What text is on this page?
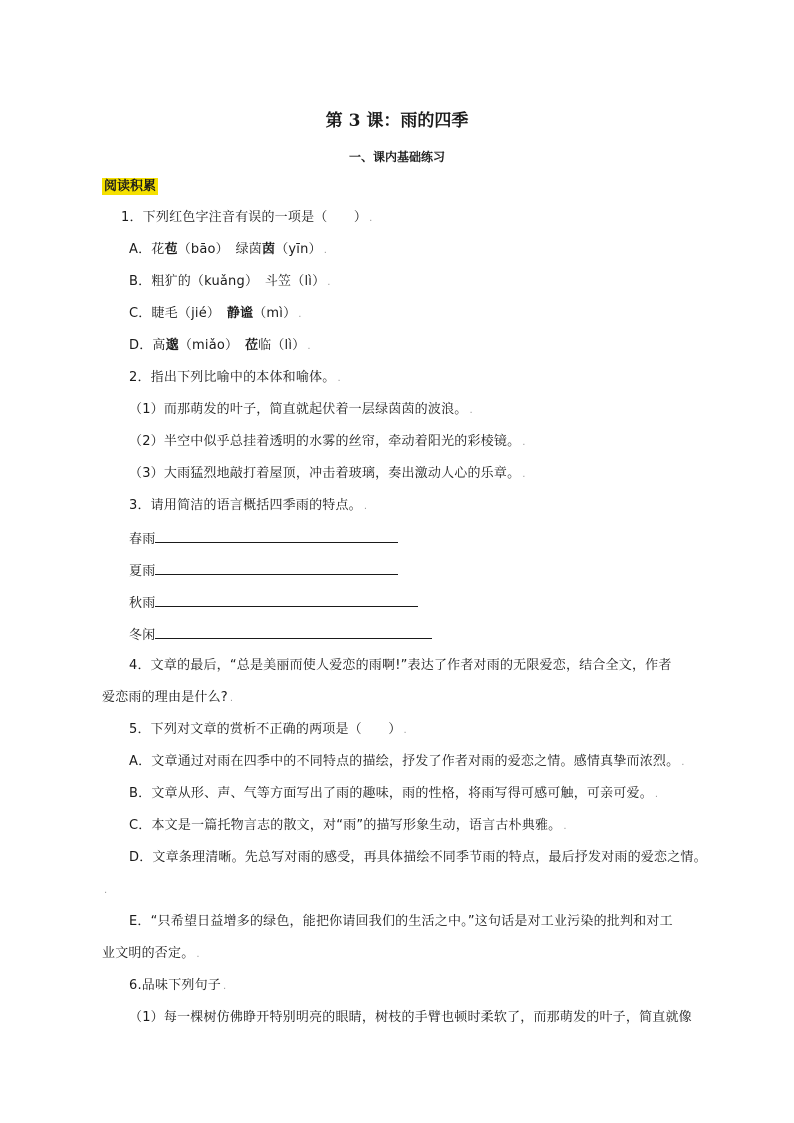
第 3 课：雨的四季
一、课内基础练习
阅读积累
1．下列红色字注音有误的一项是（　　） .
A．花苞（bāo）　 绿茵茵（yīn） .
B．粗犷的（kuǎng）　 斗笠（lì） .
C．睫毛（jié）　 静谧（mì） .
D．高邈（miǎo）　 莅临（lì） .
2．指出下列比喻中的本体和喻体。 .
（1）而那萌发的叶子，简直就起伏着一层绿茵茵的波浪。 .
（2）半空中似乎总挂着透明的水雾的丝帘，牵动着阳光的彩棱镜。 .
（3）大雨猛烈地敲打着屋顶，冲击着玻璃，奏出激动人心的乐章。 .
3．请用简洁的语言概括四季雨的特点。 .
春雨
夏雨
秋雨
冬闲
4．文章的最后，“总是美丽而使人爱恋的雨啊!”表达了作者对雨的无限爱恋，结合全文，作者
爱恋雨的理由是什么? .
5．下列对文章的赏析不正确的两项是（　　） .
A．文章通过对雨在四季中的不同特点的描绘，抒发了作者对雨的爱恋之情。感情真挚而浓烈。 .
B．文章从形、声、气等方面写出了雨的趣味，雨的性格，将雨写得可感可触，可亲可爱。 .
C．本文是一篇托物言志的散文，对“雨”的描写形象生动，语言古朴典雅。 .
D．文章条理清晰。先总写对雨的感受，再具体描绘不同季节雨的特点，最后抒发对雨的爱恋之情。
.
E．“只希望日益增多的绿色，能把你请回我们的生活之中。”这句话是对工业污染的批判和对工
业文明的否定。 .
6.品味下列句子 .
（1）每一棵树仿佛睁开特别明亮的眼睛，树枝的手臂也顿时柔软了，而那萌发的叶子，简直就像
